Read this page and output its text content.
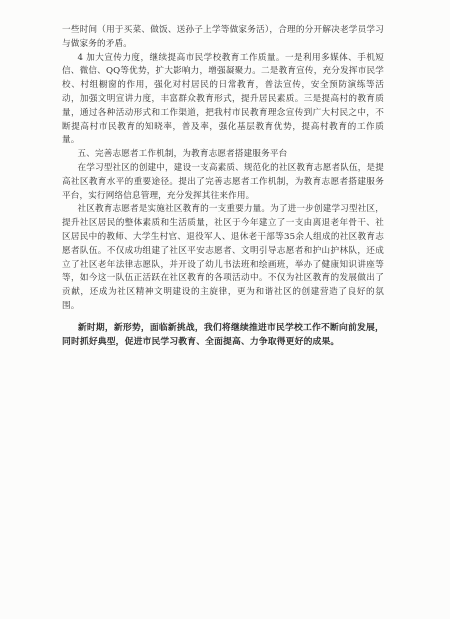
一些时间（用于买菜、做饭、送孙子上学等做家务活），合理的分开解决老学员学习与做家务的矛盾。

4 加大宣传力度，继续提高市民学校教育工作质量。一是利用多媒体、手机短信、微信、QQ等优势，扩大影响力，增强凝聚力。二是教育宣传，充分发挥市民学校、村组橱窗的作用，强化对村居民的日常教育，普法宣传，安全预防演练等活动，加强文明宣讲力度，丰富群众教育形式，提升居民素质。三是提高村的教育质量，通过各种活动形式和工作渠道，把我村市民教育理念宣传到广大村民之中，不断提高村市民教育的知晓率，普及率，强化基层教育优势，提高村教育的工作质量。

五、完善志愿者工作机制，为教育志愿者搭建服务平台

在学习型社区的创建中，建设一支高素质、规范化的社区教育志愿者队伍，是提高社区教育水平的重要途径。提出了完善志愿者工作机制，为教育志愿者搭建服务平台，实行网络信息管理，充分发挥其往来作用。

社区教育志愿者是实施社区教育的一支重要力量。为了进一步创建学习型社区，提升社区居民的整体素质和生活质量，社区于今年建立了一支由离退老年骨干、社区居民中的教师、大学生村官、退役军人、退休老干部等35余人组成的社区教育志愿者队伍。不仅成功组建了社区平安志愿者、文明引导志愿者和护山护林队，还成立了社区老年法律志愿队，并开设了幼儿书法班和绘画班，举办了健康知识讲座等等，如今这一队伍正活跃在社区教育的各项活动中。不仅为社区教育的发展做出了贡献，还成为社区精神文明建设的主旋律，更为和谐社区的创建营造了良好的氛围。

新时期，新形势，面临新挑战，我们将继续推进市民学校工作不断向前发展，同时抓好典型，促进市民学习教育、全面提高、力争取得更好的成果。
